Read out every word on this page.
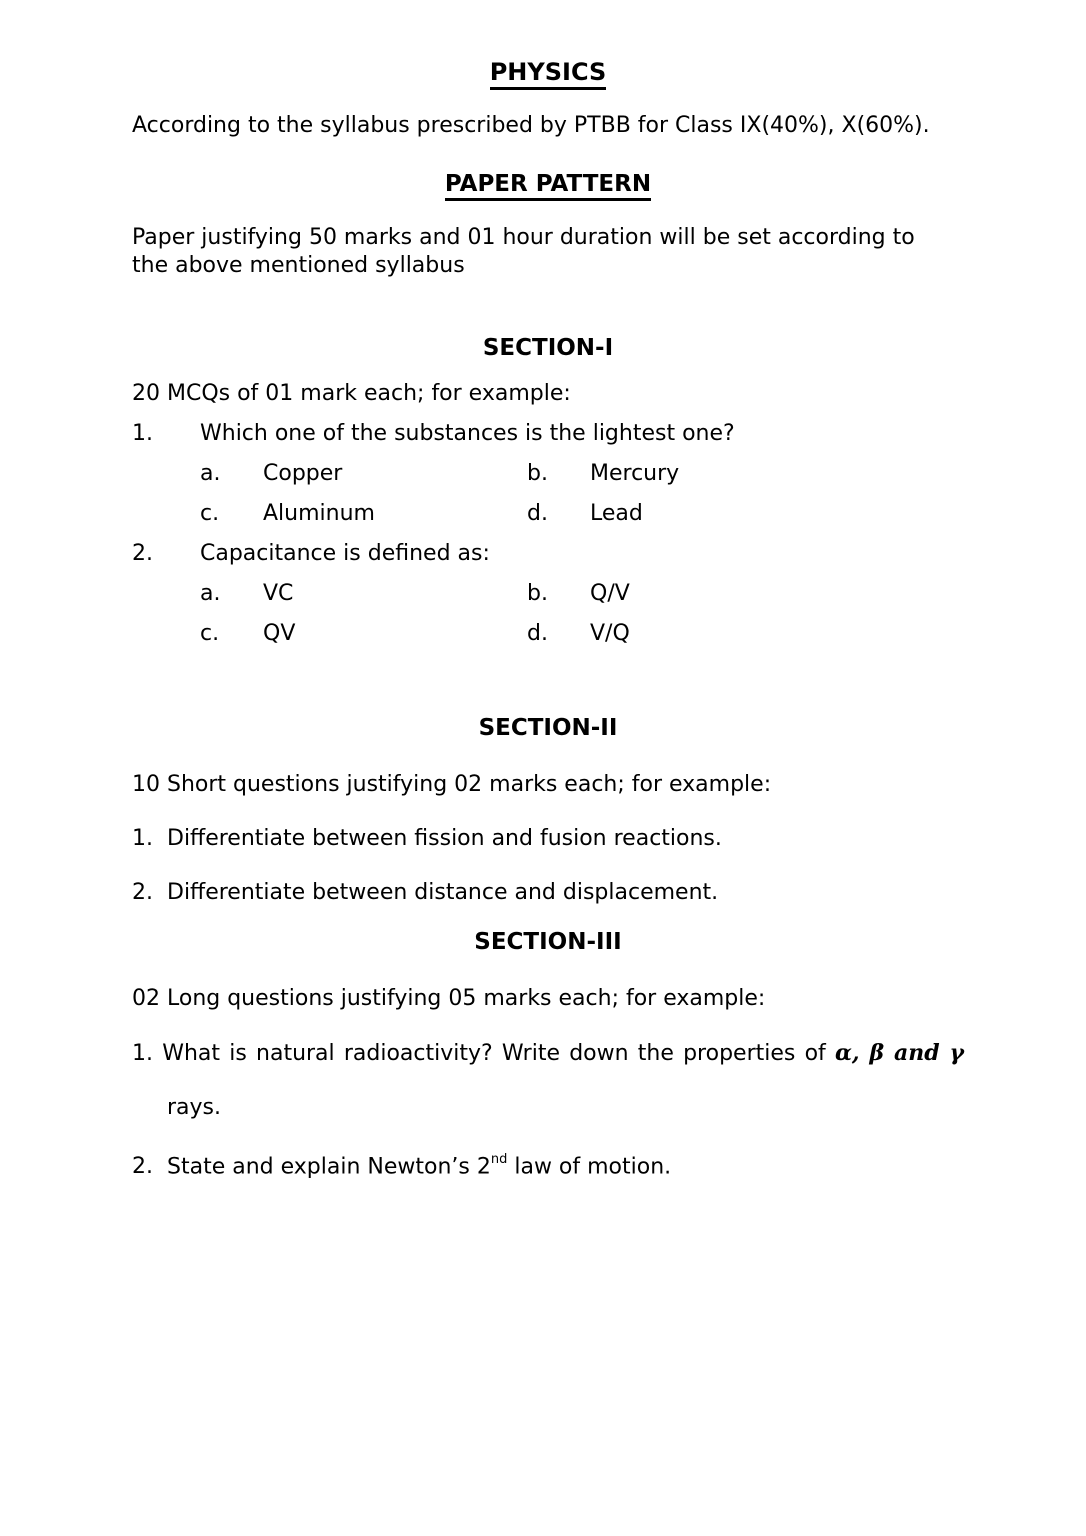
PHYSICS
According to the syllabus prescribed by PTBB for Class IX(40%), X(60%).
PAPER PATTERN
Paper justifying 50 marks and 01 hour duration will be set according to
the above mentioned syllabus
SECTION-I
20 MCQs of 01 mark each; for example:
1. Which one of the substances is the lightest one?
a.	Copper	b.	Mercury
c.	Aluminum	d.	Lead
2. Capacitance is defined as:
a.	VC	b.	Q/V
c.	QV	d.	V/Q
SECTION-II
10 Short questions justifying 02 marks each; for example:
1. Differentiate between fission and fusion reactions.
2. Differentiate between distance and displacement.
SECTION-III
02 Long questions justifying 05 marks each; for example:
1. What is natural radioactivity? Write down the properties of α, β and γ
rays.
2. State and explain Newton’s 2nd law of motion.
